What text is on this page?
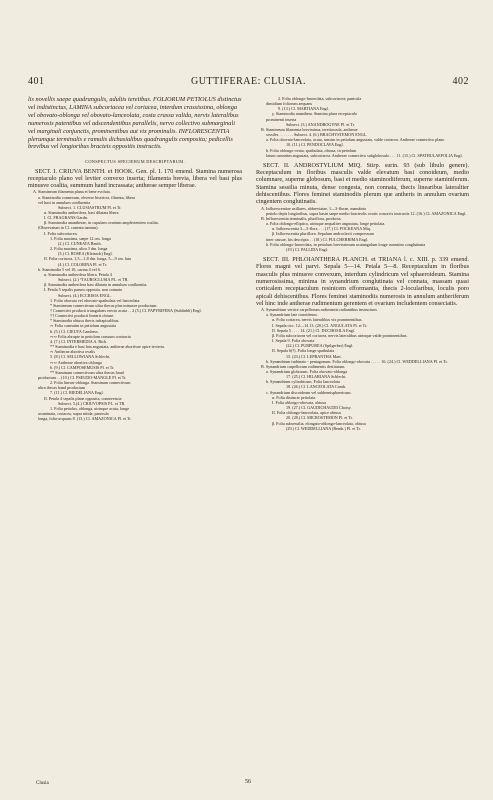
401	GUTTIFERAE: CLUSIA.	402

lis novellis saepe quadrangulis, adultis teretibus. FOLIORUM PETIOLUS distinctus vel indistinctus, LAMINA subcoriacea vel coriacea, interdum crassissima, oblonga vel obovato-oblonga vel obovato-lanceolata, costa crassa valida, nervis lateralibus numerosis patentibus vel adscendentibus parallelis, nervo collectivo submarginali vel marginali conjunctis, prominentibus aut vix prominulis. INFLORESCENTIA plerumque terminalis e ramulis dichasialibus quadrangulis composita; pedicellis brevibus vel longioribus bracteis oppositis instructis.

CONSPECTUS SPECIERUM DESCRIPTARUM.

SECT. I. CRIUVA BENTH. et HOOK. Gen. pl. I. 170 emend. Stamina numerosa receptaculo plano vel leviter convexo inserta; filamenta brevia, libera vel basi plus minusve coalita, summum hand incrassata; antherae semper liberae.

A. Stamineum filamenta plana et bene evoluta.
a. Staminodia connexum, obverse bisericta, filaenta, libera
vel basi in annulum confluentia
Subsect. 1. CLUSIASTRUM Pl. et Tr.
α. Staminodia antherifera, basi dilatata libera
I. Cl. FRAGRANS Gardn.
β. Staminodia anantherae, in cupulam ovarium amplectentem coalita.
(Observatum in Cl. cuneata tantum).
I. Folia subcoriacea.
1. Folia maxima, saepe 12 cm. longa
(2.) Cl. CUNEATA Benth.
2. Folia maxima, ultra 3 dm. longa
(3.) Cl. ROSEA (Kleinsch) Engl.
II. Folia coriacea, 1,5—1,8 dm. longa, 5—9 cm. lata
(4.) Cl. COLORINA Pl. et Tr.
b. Staminodia 5 vel 10, carina 4 vel 6.
α. Staminodia antherifera libera. Petala 4
Subsect. (2.) °TAUROCLUSIA PL. et TR.
β. Staminodia antherifera basi dilatata in annulum confluentia.
I. Petala 5 sepalis parum opposita, non connata
Subsect. (4.) ECCRISIA ENGL.
1. Folia obovata vel obovato-spathulata vel lanceolata.
* Stamineum connectivum ultra thecas plus minusve productum.
† Connectivi producti triangularis erecto acuta . . 2 (5.) Cl. PAPYRIFERA (Sublinbli) Engl.
†† Connectivi producti linearis obtuse.
* Staminodia obtusa thecis infrapicalibus.
∾ Folia cuneatim in petiolum angustata
6. (5.) Cl. CIEUTA Cambess.
∾∾ Folia abrupte in petiolum crassum contracta
4. (7.) Cl. INTERMEDIA A. Rich.
** Staminodia e basi lata angustata, antherae abortivae apice tecterta.
∾ Antherae abortiva ovalis
5. (8.) Cl. SELLOWIANA Schlecht.
∾∾ Antherae abortiva oblonga
6. (9.) Cl. CAMPOSEMUSIS Pl. et Tr.
** Staminum connectivum ultra thecas haud
productum . . (10.) Cl. PSEUDO-MANGLE Pl. et Tr.
2. Folia lineari-oblonga. Staminum connectivum
ultra thecas hand productum
7. (11.) Cl. RIEDELIANA Engl.
II. Petala 4 sepalis plane opposita, connivencia
Subsect. 5.(4.) CRIUVOPSIS PL. et TR.
1. Folia petiolus, oblonga, utrinque acuta, longe
acuminata, coriacea, supra nitida; panicula
longa, folia-acquans 8. (13.) Cl. AMAZONICA Pl. et Tr.
2. Folia oblongo-lanceolata, subcoriacea; panicula
dimidium foliorum aequans
9. (13.) Cl. MARTIANA Engl.
γ. Staminodia anantherа. Stamina plura receptaculo
prominenti inserta
Subsect. (3.) ANANDROGYNE Pl. et Tr.
B. Stamineum filamenta brevissima, teretiuscula, antherae
sessiles . . . . . . . Subsect. 4. (6.) BRACHYSTEMON ENGL.
a. Folia obovato-lanceolata, acuta, sensim in petiolum angustata, valde coriacea. Antherae connectivo plano
10. (11.) Cl. PENDOCLAVA Engl.
b. Folia oblongo-ovata, spathulata, obtusa, in petiolum
latum cuneatim angustata, subcoriacea. Antherae connectivo subglobosulo . . . 11. (15.) Cl. SPATHULAEFOLIA Engl.

SECT. II. ANDROSTYLIUM MIQ. Stirp. surin. 93 (sub libulo genere). Receptaculum in floribus masculis valde elevatum basi conoideum, medio columnare, superne globosum, basi et medio staminodiiferum, superne staminiferum. Stamina sessilia minuta, dense congesta, non connata, thecis linearibus lateraliter dehiscentibus. Flores feminei staminodiis plerum que antheris in annulum ovarium cingentem conglutinatis.

A. Inflorescentiae axillares, abbreviatae, 1—3-florae, manubrio
petiolo depis longioribus, supra basin saepe medio bracteolis ovatis concavis instructis 12. (16.) Cl. AMAZONICA Engl.
B. Inflorescentia terminalis, pluriflora, producta.
a. Folia oblongo-elliptica, utrinque aequaliter angustata, longe petiolata.
α. Inflorescentia 3—5-flora . . . (17.) Cl. FOCKEANA Miq.
β. Inflorescentia pluriflora. Sepalum androclavii compressum
inter causae, his descripta . . (18.) Cl. PULCHERRIMA Engl.
b. Folia oblongo-lanceolata, in petiolum brevissimum acutangulum longe cuneatim conglutinata
(19.) Cl. PALLIDA Engl.

SECT. III. PHLOIANTHERA PLANCH. et TRIANA l. c. XIII. p. 339 emend. Flores magni vel parvi. Sepala 5—14. Petala 5—8. Receptaculum in floribus masculis plus minusve convexum, interdum cylindricum vel sphaeroideum. Stamina numerosissima, minima in synandrium conglutinata vel connata, massam quasi corticalem receptaculum resinicem efformantia, thecis 2-locularibus, loculis poro apicali dehiscentibus. Flores feminei staminodiis numerosis in annulum antheriferum vel hinc inde antherae rudimentum gerentem et ovarium includentem conseciatis.

A. Synandrium vertice carpellorum rudimentis radiantibus instructum.
a. Synandrium late conoideum.
α. Folia coriacea, nervis lateralibus vix prominentibus.
I. Sepala circ. 12—14 13. (20.) Cl. ANGULATA Pl. et Tr.
II. Sepala 5 . . . . 14. (21.) Cl. DUCHOSILA Engl.
β. Folia subcoriacea vel coriacea, nervis lateralibus utrinque valde prominentibus.
I. Sepala 9. Folia obovata
(22.) Cl. PURPUREA (Spilgerber) Engl.
II. Sepala 6(?). Folia longe spathulata
15. (23.) Cl. LEPRANTHA Mart.
b. Synandrium turbinato - pentagonum. Folia oblongo-obovata . . . . . 16. (24.) Cl. WEDDELLIANA Pl. et Tr.
B. Synandrium carpellorum rudimentis destitutum.
a. Synandrium globosum. Folia obovato-oblonga
17. (25.) Cl. HILARIANA Schlecht.
b. Synandrium cylindricum. Folia lanceolata
18. (26.) Cl. LANCEOLATA Camb.
c. Synandrium discoideum vel subhemisphaericum.
α. Folia distincte petiolata.
I. Folia oblongo-obovata, obtusa
19. (27.) Cl. GAUDICHAUDII Choisy.
II. Folia oblongo-lanceolata, apice obtusa
20. (28.) Cl. MICROSTEMON Pl. et Tr.
β. Folia subsessilia, elongato-oblongo-lanceolata, obtusa
(29.) Cl. WEDDELLIANA (Benth.) Pl. et Tr.
Clusia	56
